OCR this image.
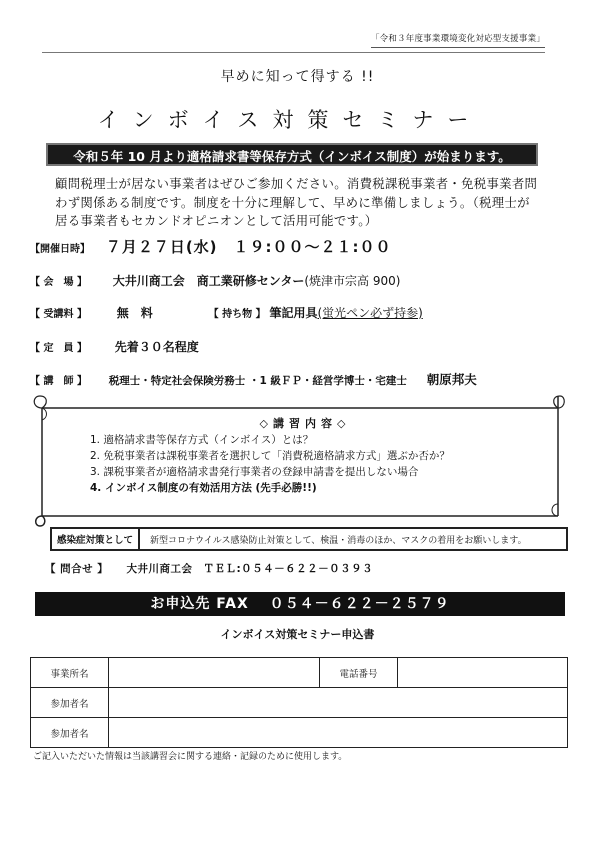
「令和３年度事業環境変化対応型支援事業」
早めに知って得する !!
インボイス対策セミナー
令和５年 10 月より適格請求書等保存方式（インボイス制度）が始まります。
顧問税理士が居ない事業者はぜひご参加ください。消費税課税事業者・免税事業者問わず関係ある制度です。制度を十分に理解して、早めに準備しましょう。（税理士が居る事業者もセカンドオピニオンとして活用可能です。）
【開催日時】 ７月２７日(水)　１９:００～２１:００
【 会　場 】 大井川商工会　商工業研修センター(焼津市宗高 900)
【 受講料 】 無　料	【 持ち物 】 筆記用具(蛍光ペン必ず持参)
【 定　員 】 先着３０名程度
【 講　師 】 税理士・特定社会保険労務士 ・1 級ＦＰ・経営学博士・宅建士 朝原邦夫
◇講習内容◇
1. 適格請求書等保存方式（インボイス）とは？
2. 免税事業者は課税事業者を選択して「消費税適格請求方式」選ぶか否か？
3. 課税事業者が適格請求書発行事業者の登録申請書を提出しない場合
4. インボイス制度の有効活用方法 (先手必勝!!)
感染症対策として	新型コロナウイルス感染防止対策として、検温・消毒のほか、マスクの着用をお願いします。
【 問合せ 】 大井川商工会　ＴＥＬ:０５４－６２２－０３９３
お申込先 FAX　 ０５４－６２２－２５７９
インボイス対策セミナー申込書
事業所名		電話番号	
参加者名			
参加者名			
ご記入いただいた情報は当該講習会に関する連絡・記録のために使用します。
